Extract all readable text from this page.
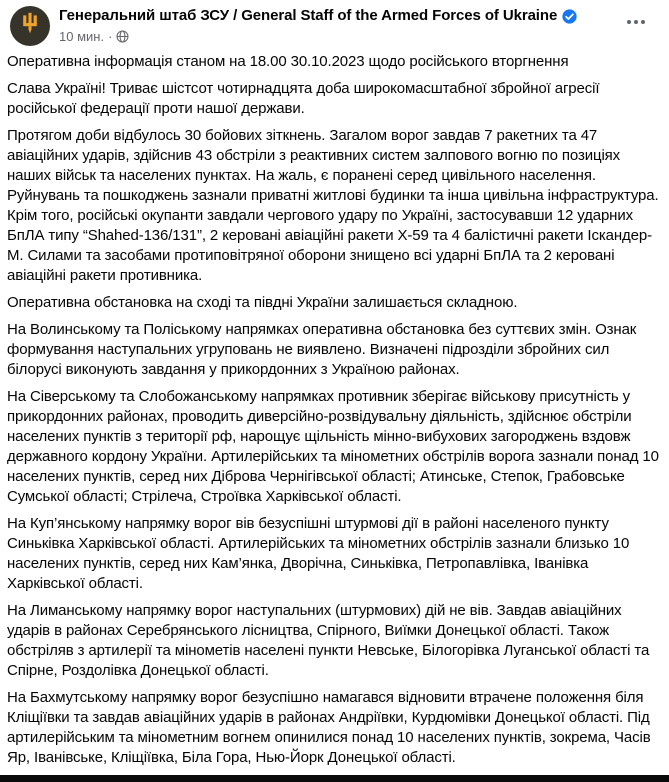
Генеральний штаб ЗСУ / General Staff of the Armed Forces of Ukraine
10 мин. ·

Оперативна інформація станом на 18.00 30.10.2023 щодо російського вторгнення

Слава Україні! Триває шістсот чотирнадцята доба широкомасштабної збройної агресії російської федерації проти нашої держави.

Протягом доби відбулось 30 бойових зіткнень. Загалом ворог завдав 7 ракетних та 47 авіаційних ударів, здійснив 43 обстріли з реактивних систем залпового вогню по позиціях наших військ та населених пунктах. На жаль, є поранені серед цивільного населення. Руйнувань та пошкоджень зазнали приватні житлові будинки та інша цивільна інфраструктура. Крім того, російські окупанти завдали чергового удару по Україні, застосувавши 12 ударних БпЛА типу “Shahed-136/131”, 2 керовані авіаційні ракети Х-59 та 4 балістичні ракети Іскандер-М. Силами та засобами протиповітряної оборони знищено всі ударні БпЛА та 2 керовані авіаційні ракети противника.

Оперативна обстановка на сході та півдні України залишається складною.

На Волинському та Поліському напрямках оперативна обстановка без суттєвих змін. Ознак формування наступальних угруповань не виявлено. Визначені підрозділи збройних сил білорусі виконують завдання у прикордонних з Україною районах.

На Сіверському та Слобожанському напрямках противник зберігає військову присутність у прикордонних районах, проводить диверсійно-розвідувальну діяльність, здійснює обстріли населених пунктів з території рф, нарощує щільність мінно-вибухових загороджень вздовж державного кордону України. Артилерійських та мінометних обстрілів ворога зазнали понад 10 населених пунктів, серед них Діброва Чернігівської області; Атинське, Степок, Грабовське Сумської області; Стрілеча, Строївка Харківської області.

На Куп’янському напрямку ворог вів безуспішні штурмові дії в районі населеного пункту Синьківка Харківської області. Артилерійських та мінометних обстрілів зазнали близько 10 населених пунктів, серед них Кам’янка, Дворічна, Синьківка, Петропавлівка, Іванівка Харківської області.

На Лиманському напрямку ворог наступальних (штурмових) дій не вів. Завдав авіаційних ударів в районах Серебрянського лісництва, Спірного, Виїмки Донецької області. Також обстріляв з артилерії та мінометів населені пункти Невське, Білогорівка Луганської області та Спірне, Роздолівка Донецької області.

На Бахмутському напрямку ворог безуспішно намагався відновити втрачене положення біля Кліщіївки та завдав авіаційних ударів в районах Андріївки, Курдюмівки Донецької області. Під артилерійським та мінометним вогнем опинилися понад 10 населених пунктів, зокрема, Часів Яр, Іванівське, Кліщіївка, Біла Гора, Нью-Йорк Донецької області.
